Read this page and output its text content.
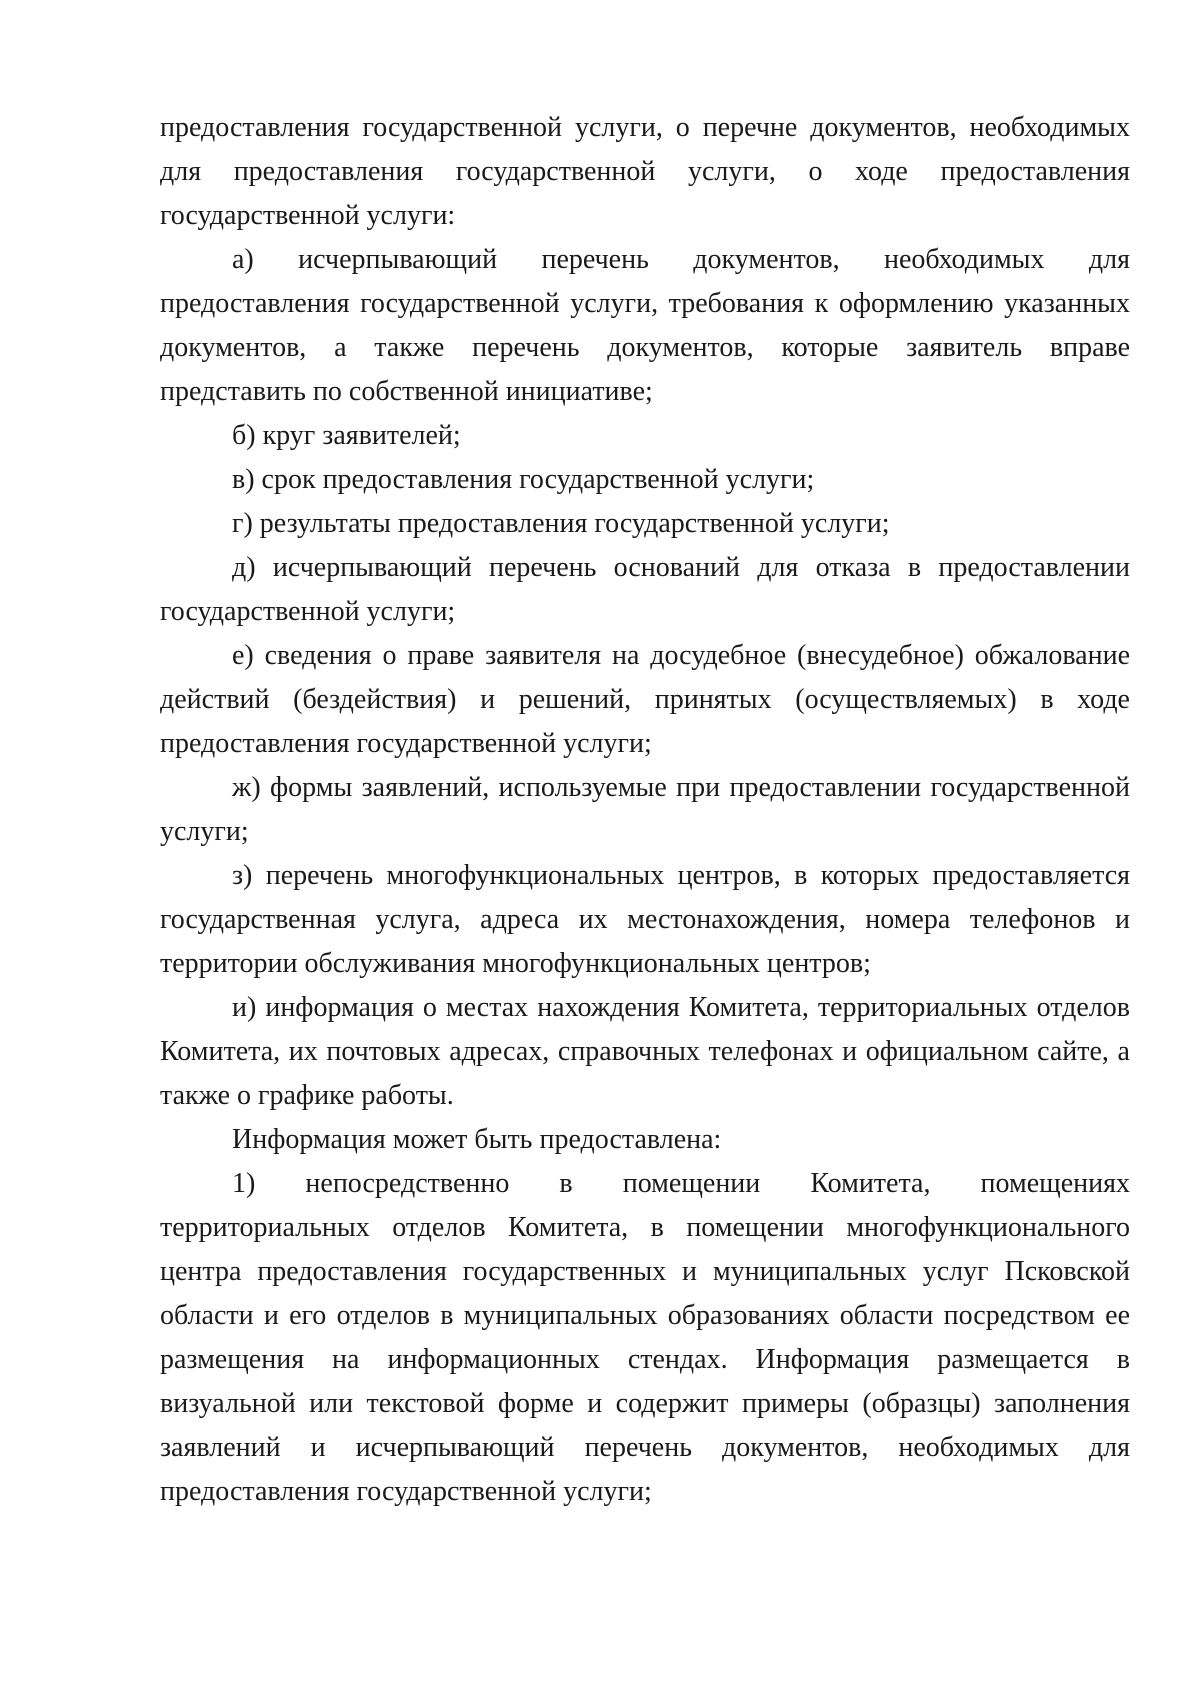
предоставления государственной услуги, о перечне документов, необходимых для предоставления государственной услуги, о ходе предоставления государственной услуги:

а) исчерпывающий перечень документов, необходимых для предоставления государственной услуги, требования к оформлению указанных документов, а также перечень документов, которые заявитель вправе представить по собственной инициативе;

б) круг заявителей;

в) срок предоставления государственной услуги;

г) результаты предоставления государственной услуги;

д) исчерпывающий перечень оснований для отказа в предоставлении государственной услуги;

е) сведения о праве заявителя на досудебное (внесудебное) обжалование действий (бездействия) и решений, принятых (осуществляемых) в ходе предоставления государственной услуги;

ж) формы заявлений, используемые при предоставлении государственной услуги;

з) перечень многофункциональных центров, в которых предоставляется государственная услуга, адреса их местонахождения, номера телефонов и территории обслуживания многофункциональных центров;

и) информация о местах нахождения Комитета, территориальных отделов Комитета, их почтовых адресах, справочных телефонах и официальном сайте, а также о графике работы.

Информация может быть предоставлена:

1) непосредственно в помещении Комитета, помещениях территориальных отделов Комитета, в помещении многофункционального центра предоставления государственных и муниципальных услуг Псковской области и его отделов в муниципальных образованиях области посредством ее размещения на информационных стендах. Информация размещается в визуальной или текстовой форме и содержит примеры (образцы) заполнения заявлений и исчерпывающий перечень документов, необходимых для предоставления государственной услуги;
